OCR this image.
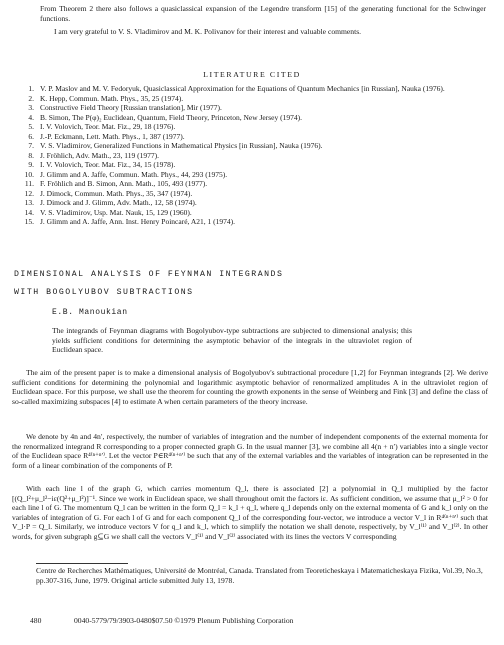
From Theorem 2 there also follows a quasiclassical expansion of the Legendre transform [15] of the generating functional for the Schwinger functions.
I am very grateful to V. S. Vladimirov and M. K. Polivanov for their interest and valuable comments.
LITERATURE CITED
1. V. P. Maslov and M. V. Fedoryuk, Quasiclassical Approximation for the Equations of Quantum Mechanics [in Russian], Nauka (1976).
2. K. Hepp, Commun. Math. Phys., 35, 25 (1974).
3. Constructive Field Theory [Russian translation], Mir (1977).
4. B. Simon, The P(φ)₂ Euclidean, Quantum, Field Theory, Princeton, New Jersey (1974).
5. I. V. Volovich, Teor. Mat. Fiz., 29, 18 (1976).
6. J.-P. Eckmann, Lett. Math. Phys., 1, 387 (1977).
7. V. S. Vladimirov, Generalized Functions in Mathematical Physics [in Russian], Nauka (1976).
8. J. Fröhlich, Adv. Math., 23, 119 (1977).
9. I. V. Volovich, Teor. Mat. Fiz., 34, 15 (1978).
10. J. Glimm and A. Jaffe, Commun. Math. Phys., 44, 293 (1975).
11. F. Fröhlich and B. Simon, Ann. Math., 105, 493 (1977).
12. J. Dimock, Commun. Math. Phys., 35, 347 (1974).
13. J. Dimock and J. Glimm, Adv. Math., 12, 58 (1974).
14. V. S. Vladimirov, Usp. Mat. Nauk, 15, 129 (1960).
15. J. Glimm and A. Jaffe, Ann. Inst. Henry Poincaré, A21, 1 (1974).
DIMENSIONAL ANALYSIS OF FEYNMAN INTEGRANDS
WITH BOGOLYUBOV SUBTRACTIONS
E.B. Manoukian
The integrands of Feynman diagrams with Bogolyubov-type subtractions are subjected to dimensional analysis; this yields sufficient conditions for determining the asymptotic behavior of the integrals in the ultraviolet region of Euclidean space.
The aim of the present paper is to make a dimensional analysis of Bogolyubov's subtractional procedure [1,2] for Feynman integrands [2]. We derive sufficient conditions for determining the polynomial and logarithmic asymptotic behavior of renormalized amplitudes A in the ultraviolet region of Euclidean space. For this purpose, we shall use the theorem for counting the growth exponents in the sense of Weinberg and Fink [3] and define the class of so-called maximizing subspaces [4] to estimate A when certain parameters of the theory increase.
We denote by 4n and 4n′, respectively, the number of variables of integration and the number of independent components of the external momenta for the renormalized integrand R corresponding to a proper connected graph G. In the usual manner [3], we combine all 4(n + n′) variables into a single vector of the Euclidean space R⁴⁽ⁿ⁺ⁿ′⁾. Let the vector P∈R⁴⁽ⁿ⁺ⁿ′⁾ be such that any of the external variables and the variables of integration can be represented in the form of a linear combination of the components of P.
With each line l of the graph G, which carries momentum Q_l, there is associated [2] a polynomial in Q_l multiplied by the factor [(Q_l²+μ_l²−iε(Q²+μ_l²)]⁻¹. Since we work in Euclidean space, we shall throughout omit the factors iε. As sufficient condition, we assume that μ_l² > 0 for each line l of G. The momentum Q_l can be written in the form Q_l = k_l + q_l, where q_l depends only on the external momenta of G and k_l only on the variables of integration of G. For each l of G and for each component Q_l of the corresponding four-vector, we introduce a vector V_l in R⁴⁽ⁿ⁺ⁿ′⁾ such that V_l·P = Q_l. Similarly, we introduce vectors V for q_l and k_l, which to simplify the notation we shall denote, respectively, by V_l⁽¹⁾ and V_l⁽²⁾. In other words, for given subgraph g⊆G we shall call the vectors V_l⁽¹⁾ and V_l⁽²⁾ associated with its lines the vectors V corresponding
Centre de Recherches Mathématiques, Université de Montréal, Canada. Translated from Teoreticheskaya i Matematicheskaya Fizika, Vol.39, No.3, pp.307-316, June, 1979. Original article submitted July 13, 1978.
480	0040-5779/79/3903-0480$07.50 ©1979 Plenum Publishing Corporation
